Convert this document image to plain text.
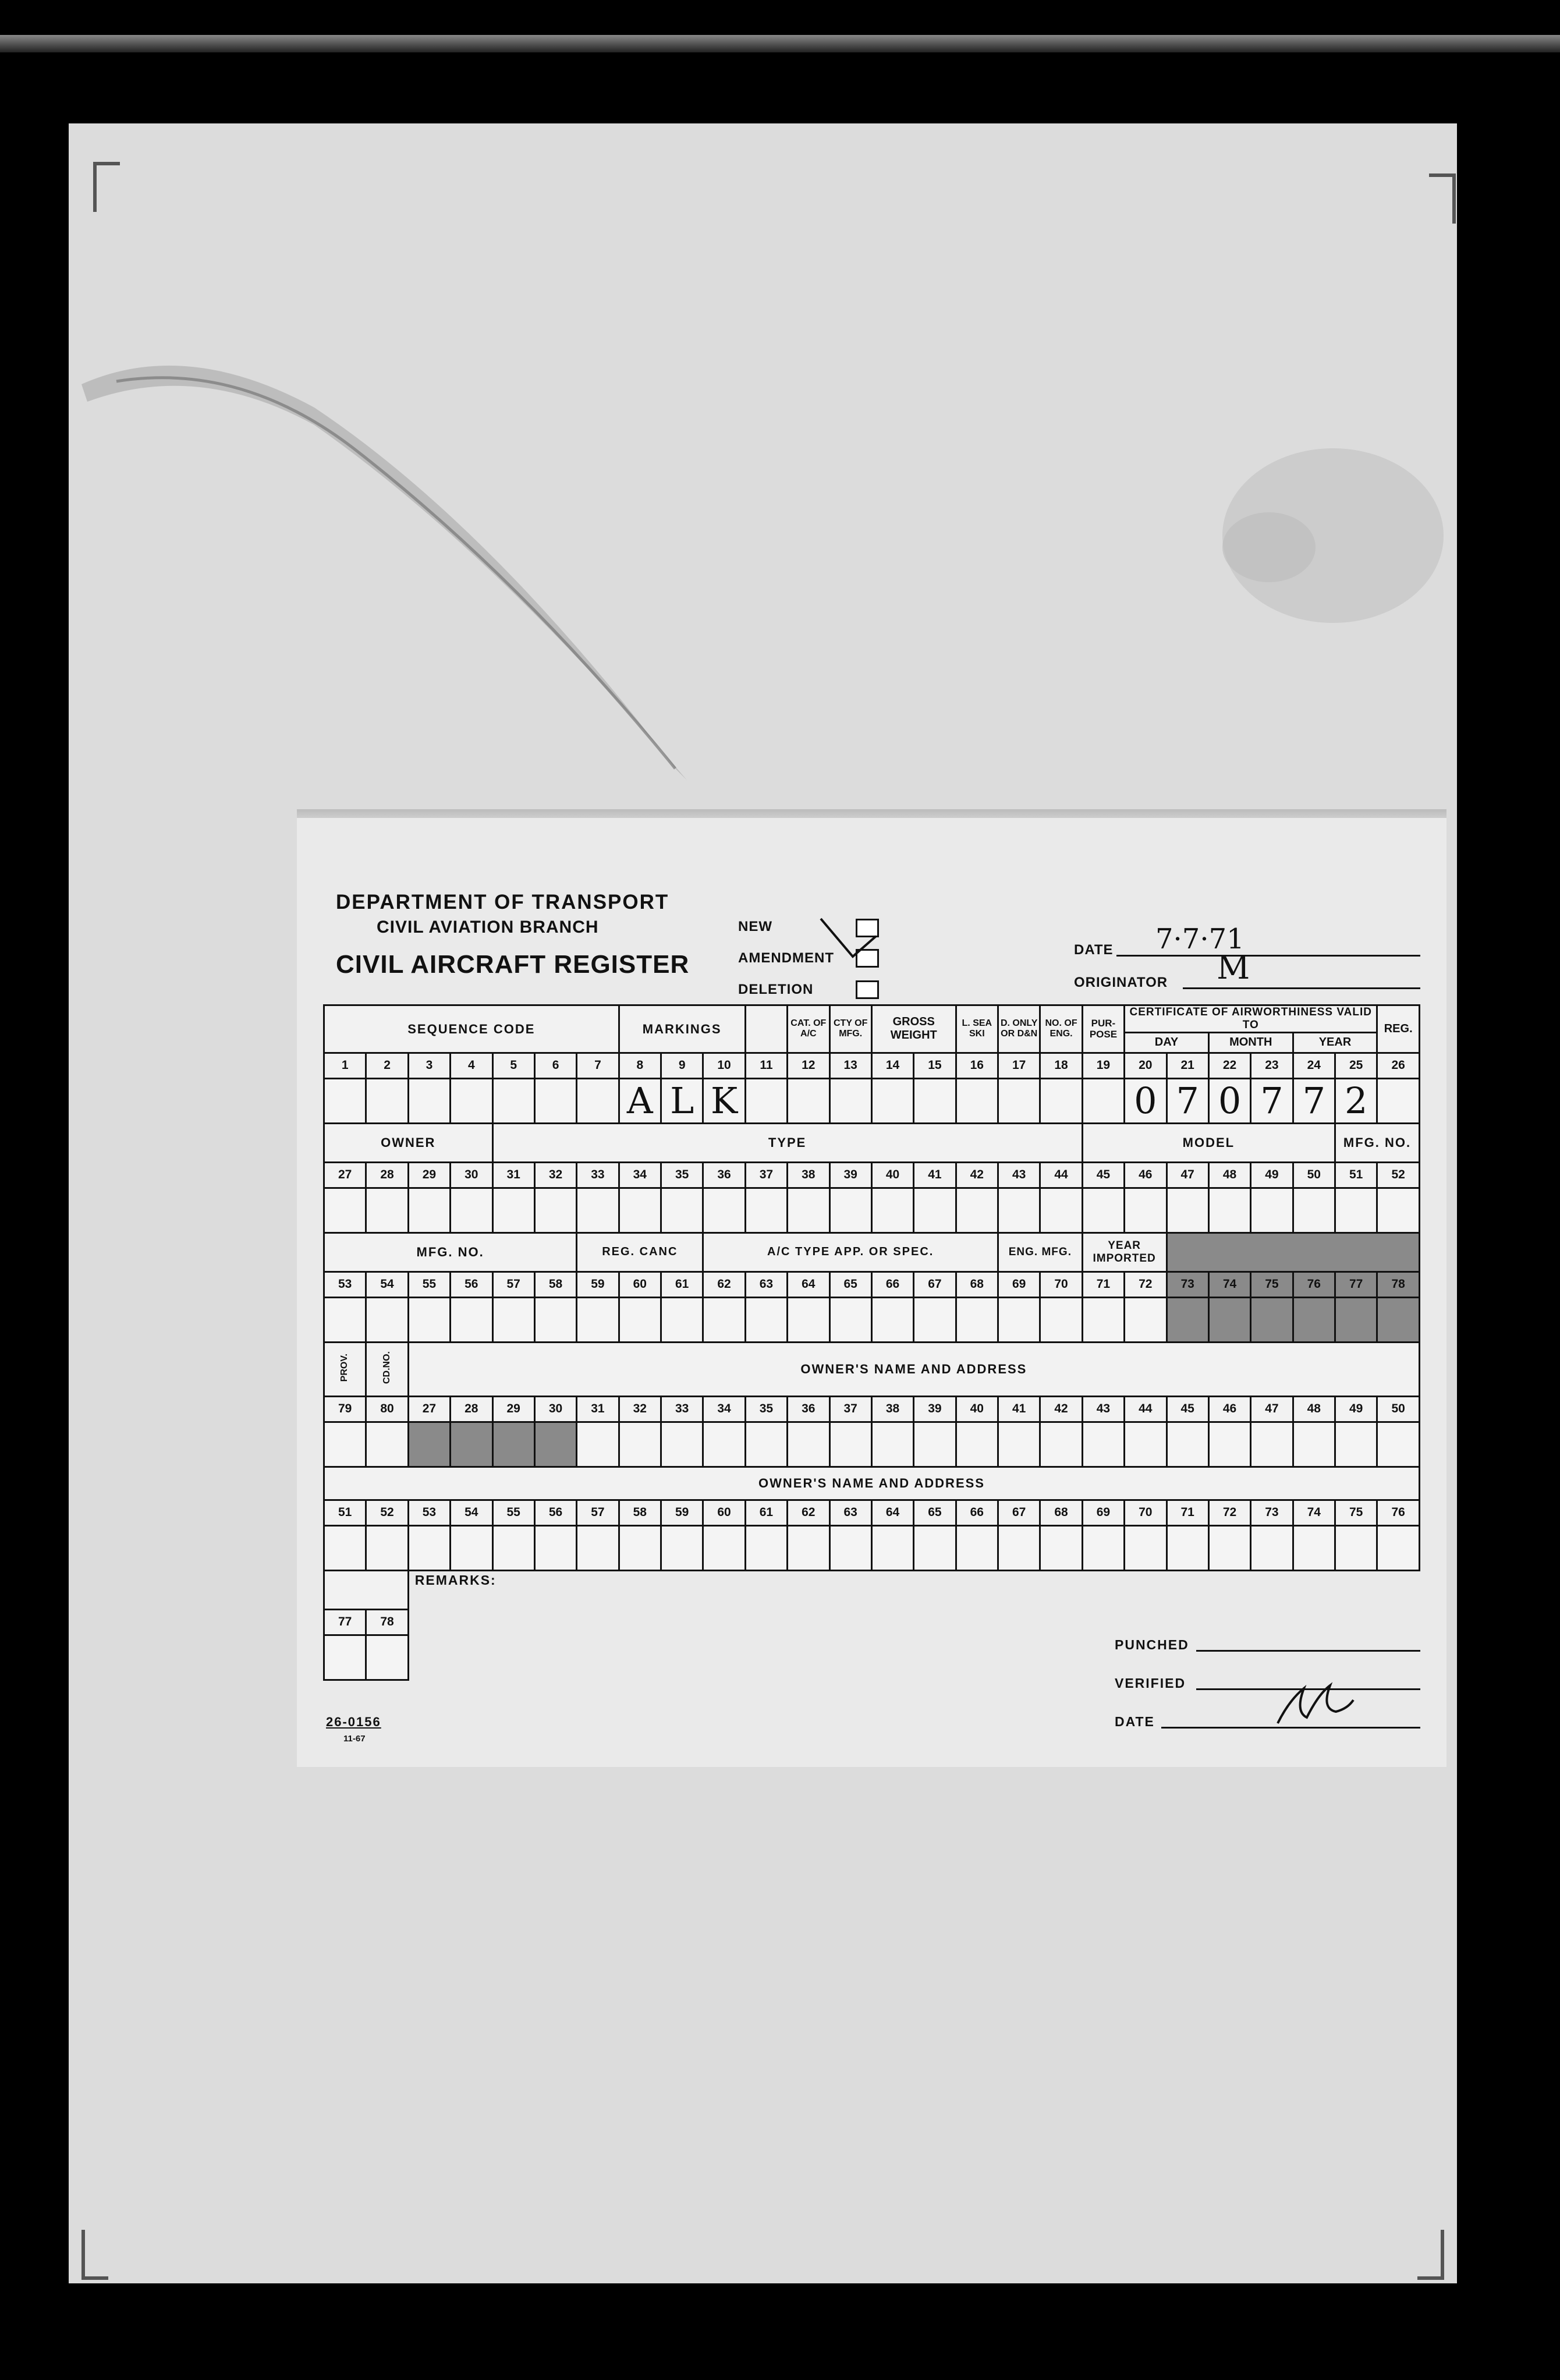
DEPARTMENT OF TRANSPORT
CIVIL AVIATION BRANCH
CIVIL AIRCRAFT REGISTER
NEW
AMENDMENT
DELETION
DATE 7·7·71
ORIGINATOR M
SEQUENCE CODE							MARKINGS				CAT. OF A/C	CTY OF MFG.	GROSS WEIGHT		L. SEA SKI	D. ONLY OR D&N	NO. OF ENG.	PUR-POSE	CERTIFICATE OF AIRWORTHINESS VALID TO						REG.
																			DAY		MONTH		YEAR		
1	2	3	4	5	6	7	8	9	10	11	12	13	14	15	16	17	18	19	20	21	22	23	24	25	26
							A	L	K										0	7	0	7	7	2	
OWNER				TYPE														MODEL						MFG. NO.	
27	28	29	30	31	32	33	34	35	36	37	38	39	40	41	42	43	44	45	46	47	48	49	50	51	52

MFG. NO.						REG. CANC			A/C TYPE APP. OR SPEC.							ENG. MFG.		YEAR IMPORTED							
53	54	55	56	57	58	59	60	61	62	63	64	65	66	67	68	69	70	71	72	73	74	75	76	77	78

PROV.	CD.NO.	OWNER'S NAME AND ADDRESS																							
79	80	27	28	29	30	31	32	33	34	35	36	37	38	39	40	41	42	43	44	45	46	47	48	49	50

OWNER'S NAME AND ADDRESS																									
51	52	53	54	55	56	57	58	59	60	61	62	63	64	65	66	67	68	69	70	71	72	73	74	75	76

		REMARKS:																							
77	78																								

PUNCHED
VERIFIED
DATE
26-0156
11-67
